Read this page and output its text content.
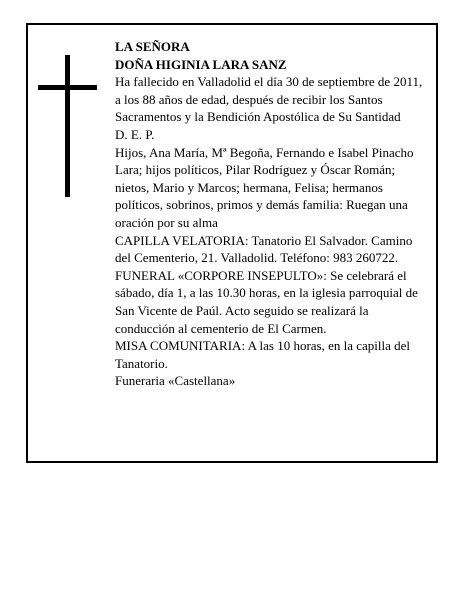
LA SEÑORA

DOÑA HIGINIA LARA SANZ

Ha fallecido en Valladolid el día 30 de septiembre de 2011, a los 88 años de edad, después de recibir los Santos Sacramentos y la Bendición Apostólica de Su Santidad

D. E. P.

Hijos, Ana María, Mª Begoña, Fernando e Isabel Pinacho Lara; hijos políticos, Pilar Rodríguez y Óscar Román; nietos, Mario y Marcos; hermana, Felisa; hermanos políticos, sobrinos, primos y demás familia: Ruegan una oración por su alma

CAPILLA VELATORIA: Tanatorio El Salvador. Camino del Cementerio, 21. Valladolid. Teléfono: 983 260722.

FUNERAL «CORPORE INSEPULTO»: Se celebrará el sábado, día 1, a las 10.30 horas, en la iglesia parroquial de San Vicente de Paúl. Acto seguido se realizará la conducción al cementerio de El Carmen.

MISA COMUNITARIA: A las 10 horas, en la capilla del Tanatorio.

Funeraria «Castellana»
